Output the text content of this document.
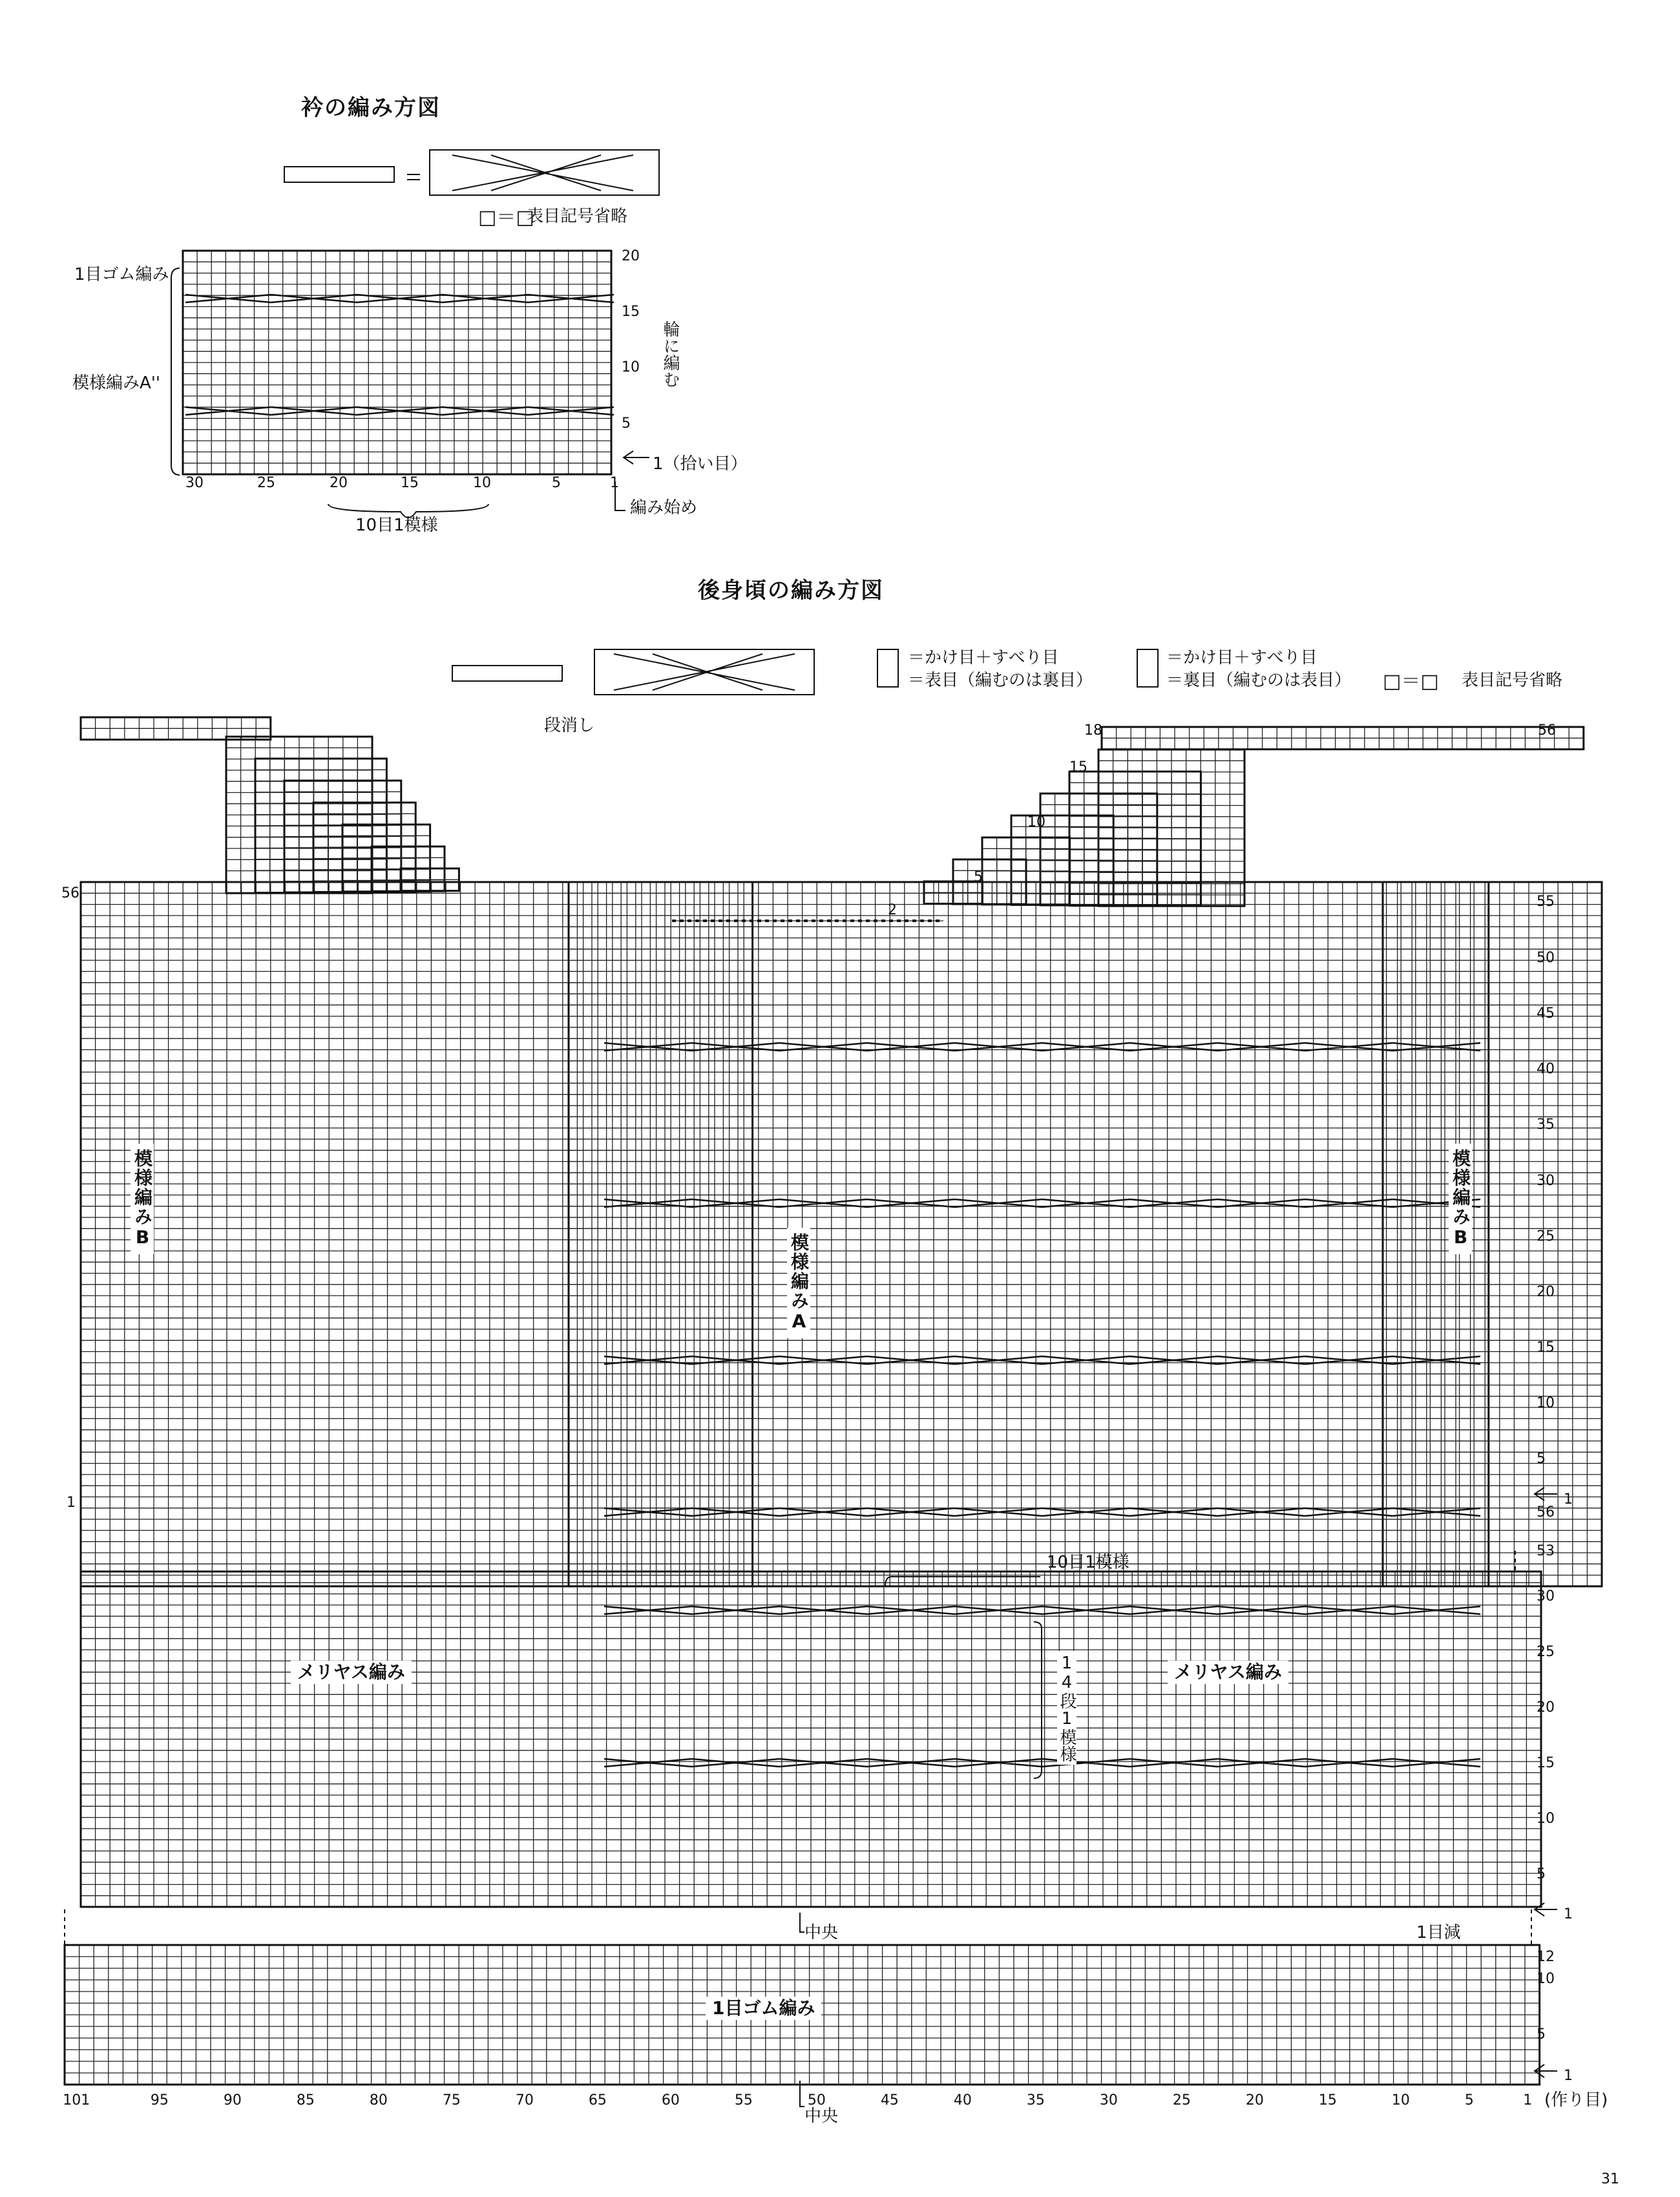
衿の編み方図
表目記号省略
□＝□
1目ゴム編み
模様編みA''	輪に編む
1（拾い目）
編み始め
10目1模様
20
15
10
5
30	25	20	15	10	5	1
後身頃の編み方図
＝かけ目＋すべり目
＝表目（編むのは裏目）
＝かけ目＋すべり目
＝裏目（編むのは表目） □＝□ 表目記号省略
段消し
模様編みB	模様編みB
模様編みA
メリヤス編み	メリヤス編み
10目1模様
14段1模様
中央	1目減
1目ゴム編み
(作り目)
中央
18
15
10
5
2
56
55
50
45
40
35
30
25
20
15
10
5
1
56
53
56
1
30
25
20
15
10
5
1
12
10
5
1
101	95	90	85	80	75	70	65	60	55	50	45	40	35	30	25	20	15	10	5	1
31
